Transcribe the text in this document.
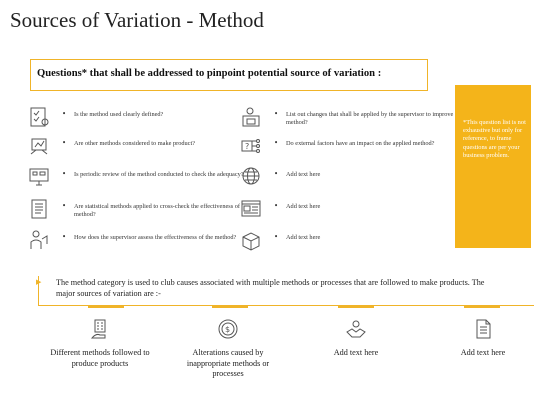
Sources of Variation - Method
Questions* that shall be addressed to pinpoint potential source of variation :
• Is the method used clearly defined?
• Are other methods considered to make product?
• Is periodic review of the method conducted to check the adequacy?
• Are statistical methods applied to cross-check the effectiveness of method?
• How does the supervisor assess the effectiveness of the method?
• List out changes that shall be applied by the supervisor to improve method?
?	• Do external factors have an impact on the applied method?
• Add text here
• Add text here
• Add text here
*This question list is not exhaustive but only for reference, to frame questions are per your business problem.
▶ The method category is used to club causes associated with multiple methods or processes that are followed to make products. The major sources of variation are :-
Different methods followed to produce products
$
Alterations caused by inappropriate methods or processes
Add text here	Add text here
